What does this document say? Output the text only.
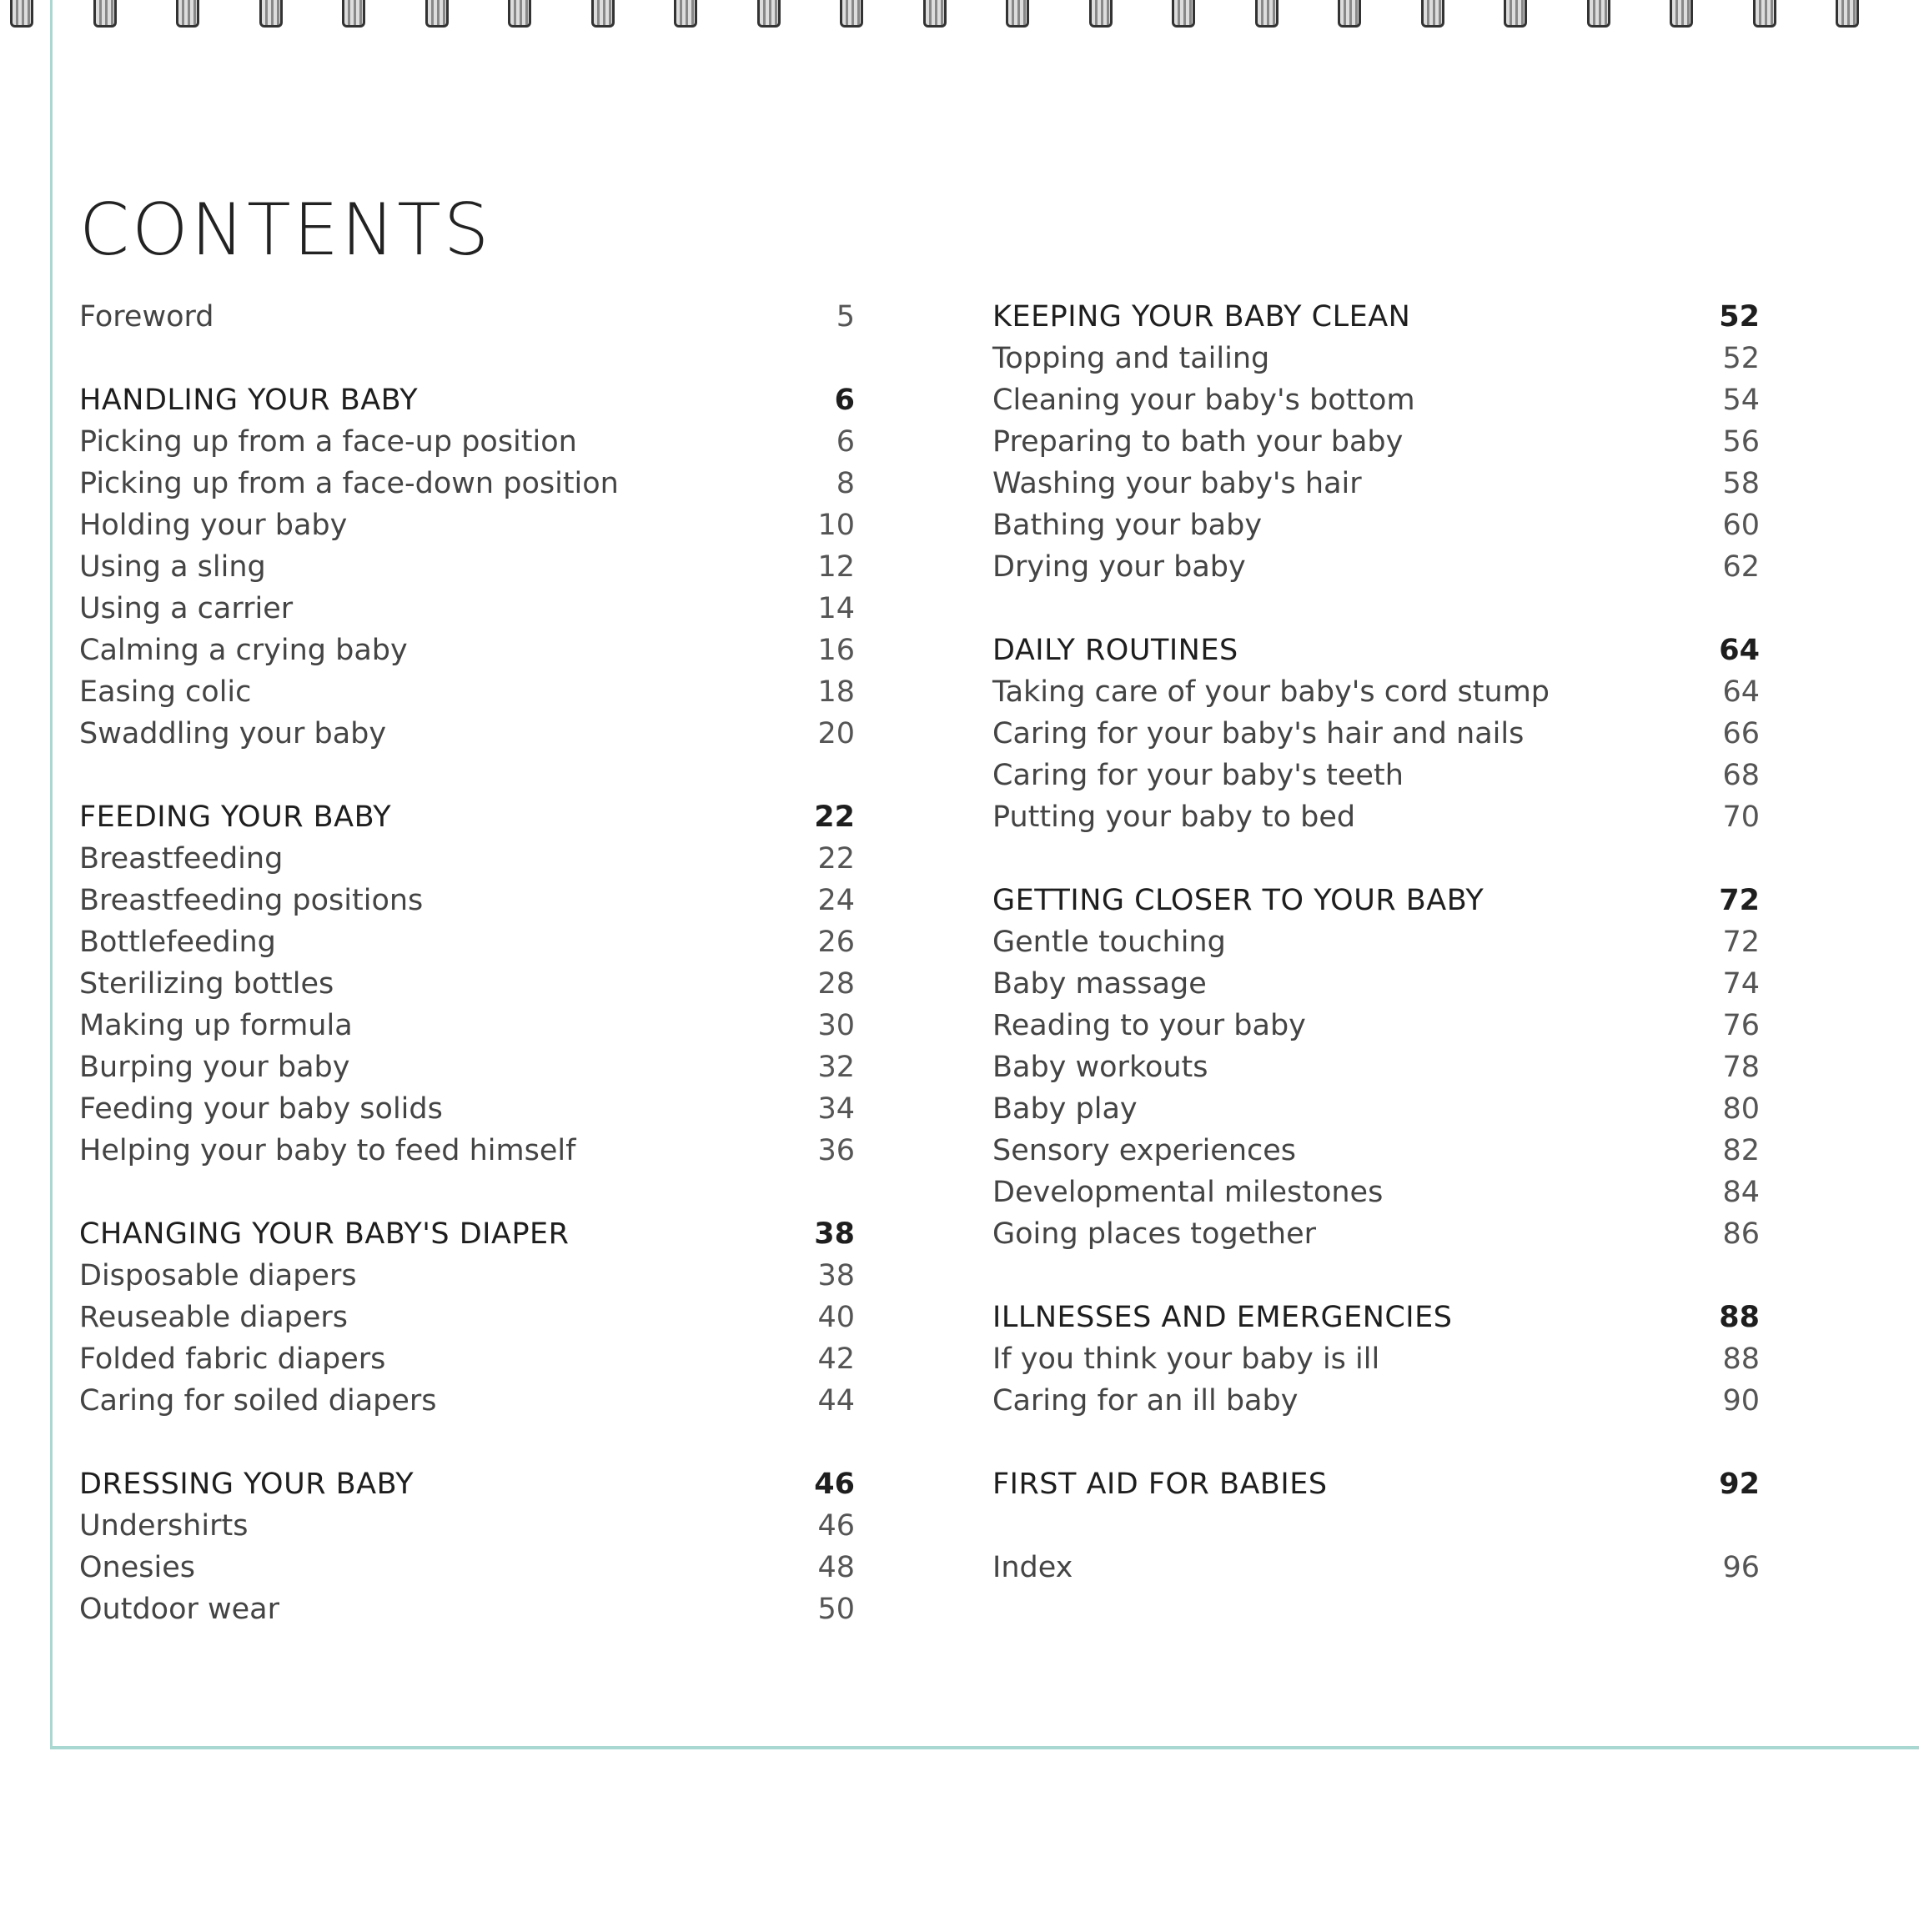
CONTENTS
Foreword	5
HANDLING YOUR BABY	6
Picking up from a face-up position	6
Picking up from a face-down position	8
Holding your baby	10
Using a sling	12
Using a carrier	14
Calming a crying baby	16
Easing colic	18
Swaddling your baby	20
FEEDING YOUR BABY	22
Breastfeeding	22
Breastfeeding positions	24
Bottlefeeding	26
Sterilizing bottles	28
Making up formula	30
Burping your baby	32
Feeding your baby solids	34
Helping your baby to feed himself	36
CHANGING YOUR BABY'S DIAPER	38
Disposable diapers	38
Reuseable diapers	40
Folded fabric diapers	42
Caring for soiled diapers	44
DRESSING YOUR BABY	46
Undershirts	46
Onesies	48
Outdoor wear	50
KEEPING YOUR BABY CLEAN	52
Topping and tailing	52
Cleaning your baby's bottom	54
Preparing to bath your baby	56
Washing your baby's hair	58
Bathing your baby	60
Drying your baby	62
DAILY ROUTINES	64
Taking care of your baby's cord stump	64
Caring for your baby's hair and nails	66
Caring for your baby's teeth	68
Putting your baby to bed	70
GETTING CLOSER TO YOUR BABY	72
Gentle touching	72
Baby massage	74
Reading to your baby	76
Baby workouts	78
Baby play	80
Sensory experiences	82
Developmental milestones	84
Going places together	86
ILLNESSES AND EMERGENCIES	88
If you think your baby is ill	88
Caring for an ill baby	90
FIRST AID FOR BABIES	92
Index	96
